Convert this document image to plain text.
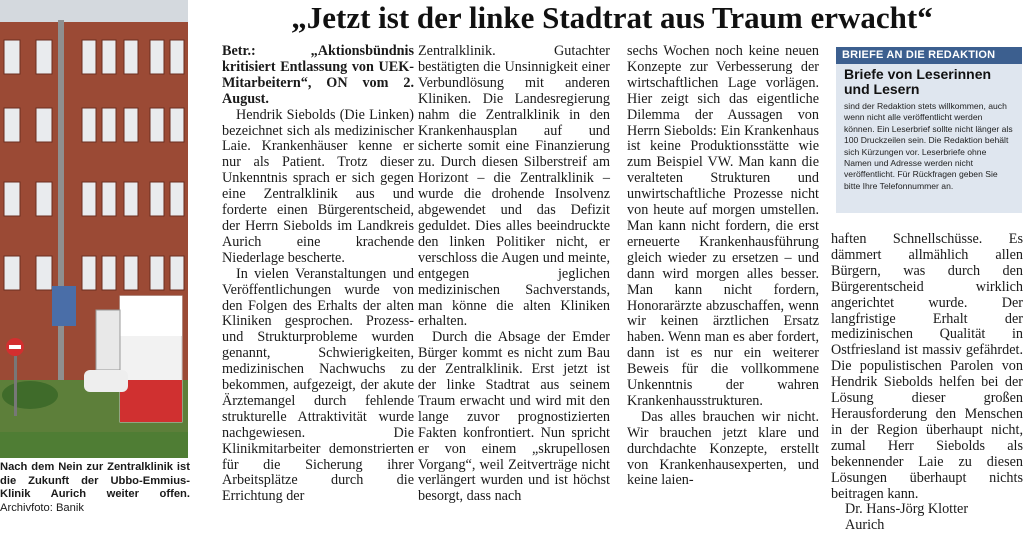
Nach dem Nein zur Zentralklinik ist die Zukunft der Ubbo-Emmius-Klinik Aurich weiter offen. Archivfoto: Banik
„Jetzt ist der linke Stadtrat aus Traum erwacht“

Betr.: „Aktionsbündnis kritisiert Entlassung von UEK-Mitarbeitern“, ON vom 2. August.

Hendrik Siebolds (Die Linken) bezeichnet sich als medizinischer Laie. Krankenhäuser kenne er nur als Patient. Trotz dieser Unkenntnis sprach er sich gegen eine Zentralklinik aus und forderte einen Bürgerentscheid, der Herrn Siebolds im Landkreis Aurich eine krachende Niederlage bescherte.

In vielen Veranstaltungen und Veröffentlichungen wurde von den Folgen des Erhalts der alten Kliniken gesprochen. Prozess- und Strukturprobleme wurden genannt, Schwierigkeiten, medizinischen Nachwuchs zu bekommen, aufgezeigt, der akute Ärztemangel durch fehlende strukturelle Attraktivität wurde nachgewiesen. Die Klinikmitarbeiter demonstrierten für die Sicherung ihrer Arbeitsplätze durch die Errichtung der

Zentralklinik. Gutachter bestätigten die Unsinnigkeit einer Verbundlösung mit anderen Kliniken. Die Landesregierung nahm die Zentralklinik in den Krankenhausplan auf und sicherte somit eine Finanzierung zu. Durch diesen Silberstreif am Horizont – die Zentralklinik – wurde die drohende Insolvenz abgewendet und das Defizit geduldet. Dies alles beeindruckte den linken Politiker nicht, er verschloss die Augen und meinte, entgegen jeglichen medizinischen Sachverstands, man könne die alten Kliniken erhalten.

Durch die Absage der Emder Bürger kommt es nicht zum Bau der Zentralklinik. Erst jetzt ist der linke Stadtrat aus seinem Traum erwacht und wird mit den lange zuvor prognostizierten Fakten konfrontiert. Nun spricht er von einem „skrupellosen Vorgang“, weil Zeitverträge nicht verlängert wurden und ist höchst besorgt, dass nach

sechs Wochen noch keine neuen Konzepte zur Verbesserung der wirtschaftlichen Lage vorlägen. Hier zeigt sich das eigentliche Dilemma der Aussagen von Herrn Siebolds: Ein Krankenhaus ist keine Produktionsstätte wie zum Beispiel VW. Man kann die veralteten Strukturen und unwirtschaftliche Prozesse nicht von heute auf morgen umstellen. Man kann nicht fordern, die erst erneuerte Krankenhausführung gleich wieder zu ersetzen – und dann wird morgen alles besser. Man kann nicht fordern, Honorarärzte abzuschaffen, wenn wir keinen ärztlichen Ersatz haben. Wenn man es aber fordert, dann ist es nur ein weiterer Beweis für die vollkommene Unkenntnis der wahren Krankenhausstrukturen.

Das alles brauchen wir nicht. Wir brauchen jetzt klare und durchdachte Konzepte, erstellt von Krankenhausexperten, und keine laien-

haften Schnellschüsse. Es dämmert allmählich allen Bürgern, was durch den Bürgerentscheid wirklich angerichtet wurde. Der langfristige Erhalt der medizinischen Qualität in Ostfriesland ist massiv gefährdet. Die populistischen Parolen von Hendrik Siebolds helfen bei der Lösung dieser großen Herausforderung den Menschen in der Region überhaupt nicht, zumal Herr Siebolds als bekennender Laie zu diesen Lösungen überhaupt nichts beitragen kann.

Dr. Hans-Jörg Klotter

Aurich

BRIEFE AN DIE REDAKTION
Briefe von Leserinnen und Lesern
sind der Redaktion stets willkommen, auch wenn nicht alle veröffentlicht werden können. Ein Leserbrief sollte nicht länger als 100 Druckzeilen sein. Die Redaktion behält sich Kürzungen vor. Leserbriefe ohne Namen und Adresse werden nicht veröffentlicht. Für Rückfragen geben Sie bitte Ihre Telefonnummer an.
